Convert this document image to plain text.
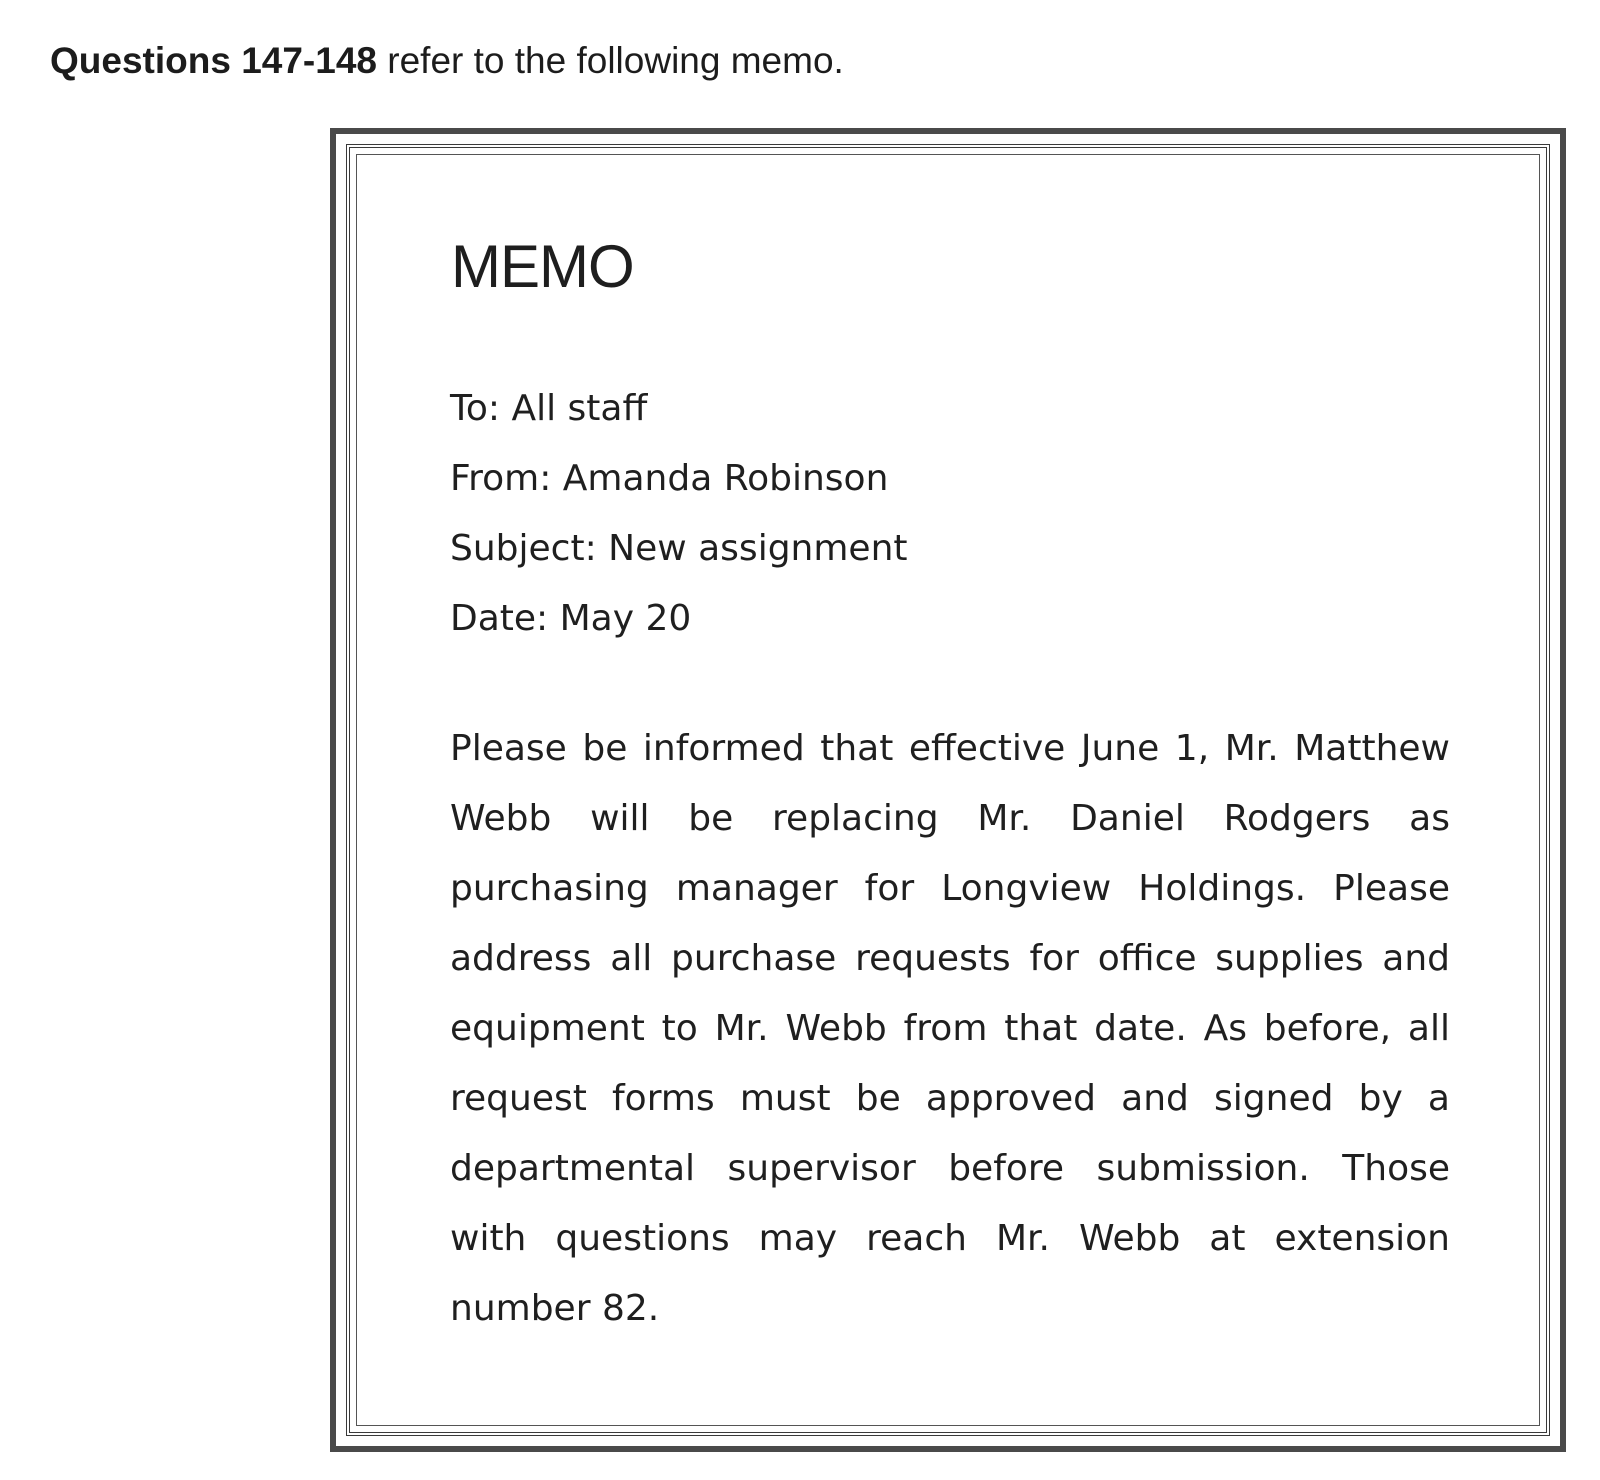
Questions 147-148 refer to the following memo.
MEMO
To: All staff
From: Amanda Robinson
Subject: New assignment
Date: May 20
Please be informed that effective June 1, Mr. Matthew Webb will be replacing Mr. Daniel Rodgers as purchasing manager for Longview Holdings. Please address all purchase requests for office supplies and equipment to Mr. Webb from that date. As before, all request forms must be approved and signed by a departmental supervisor before submission. Those with questions may reach Mr. Webb at extension number 82.
